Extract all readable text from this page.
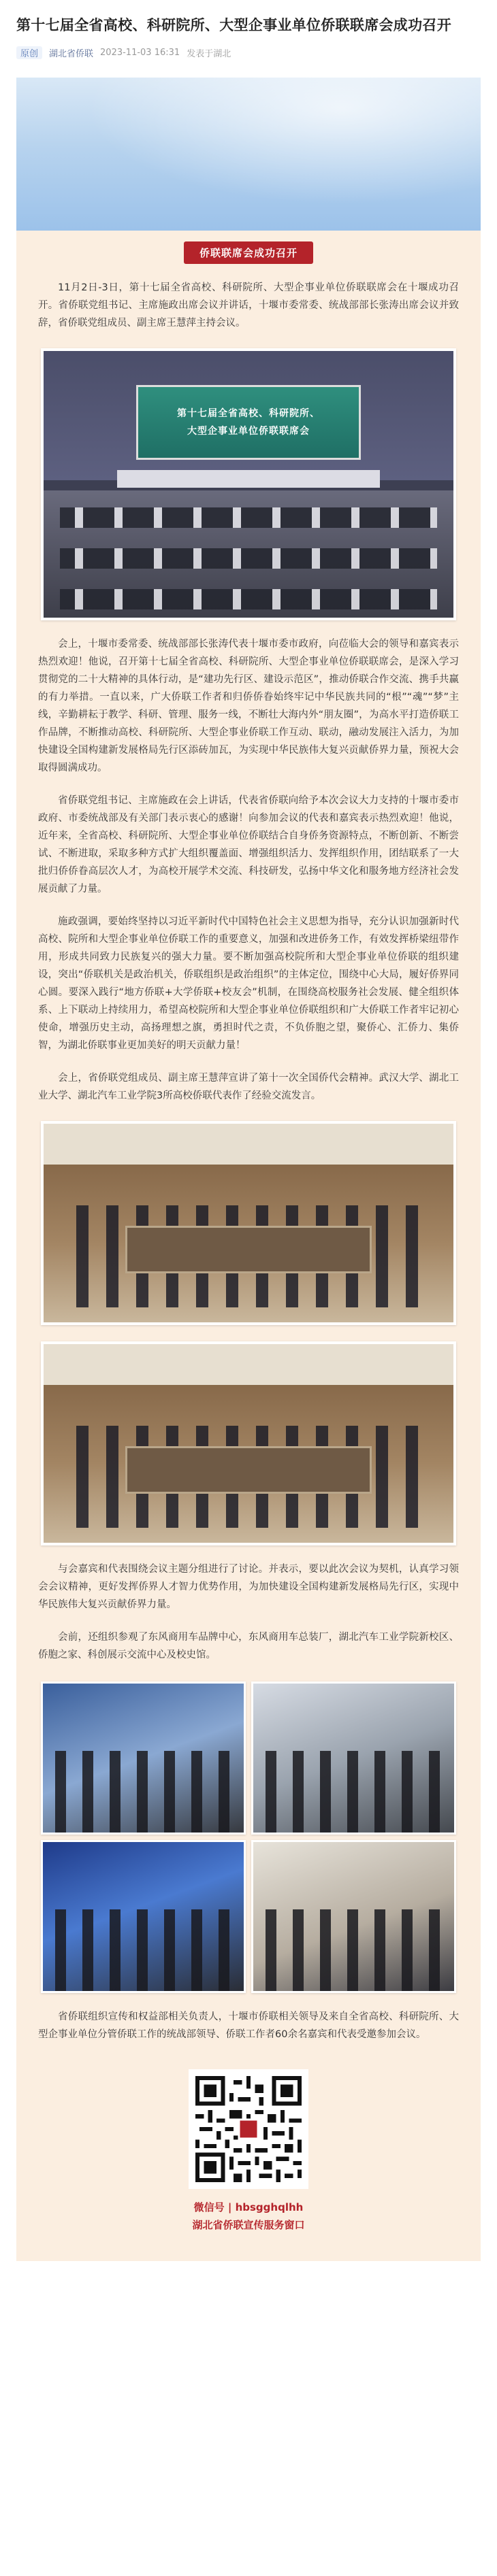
第十七届全省高校、科研院所、大型企事业单位侨联联席会成功召开
原创	湖北省侨联 2023-11-03 16:31 发表于湖北
侨联联席会成功召开

11月2日-3日，第十七届全省高校、科研院所、大型企事业单位侨联联席会在十堰成功召开。省侨联党组书记、主席施政出席会议并讲话，十堰市委常委、统战部部长张涛出席会议并致辞，省侨联党组成员、副主席王慧萍主持会议。

第十七届全省高校、科研院所、
大型企事业单位侨联联席会

会上，十堰市委常委、统战部部长张涛代表十堰市委市政府，向莅临大会的领导和嘉宾表示热烈欢迎！他说，召开第十七届全省高校、科研院所、大型企事业单位侨联联席会，是深入学习贯彻党的二十大精神的具体行动，是“建功先行区、建设示范区”，推动侨联合作交流、携手共赢的有力举措。一直以来，广大侨联工作者和归侨侨眷始终牢记中华民族共同的“根”“魂”“梦”主线，辛勤耕耘于教学、科研、管理、服务一线，不断壮大海内外“朋友圈”，为高水平打造侨联工作品牌，不断推动高校、科研院所、大型企事业侨联工作互动、联动，融动发展注入活力，为加快建设全国构建新发展格局先行区添砖加瓦，为实现中华民族伟大复兴贡献侨界力量，预祝大会取得圆满成功。

省侨联党组书记、主席施政在会上讲话，代表省侨联向给予本次会议大力支持的十堰市委市政府、市委统战部及有关部门表示衷心的感谢！向参加会议的代表和嘉宾表示热烈欢迎！他说，近年来，全省高校、科研院所、大型企事业单位侨联结合自身侨务资源特点，不断创新、不断尝试、不断进取，采取多种方式扩大组织覆盖面、增强组织活力、发挥组织作用，团结联系了一大批归侨侨眷高层次人才，为高校开展学术交流、科技研发，弘扬中华文化和服务地方经济社会发展贡献了力量。

施政强调，要始终坚持以习近平新时代中国特色社会主义思想为指导，充分认识加强新时代高校、院所和大型企事业单位侨联工作的重要意义，加强和改进侨务工作，有效发挥桥梁纽带作用，形成共同致力民族复兴的强大力量。要不断加强高校院所和大型企事业单位侨联的组织建设，突出“侨联机关是政治机关，侨联组织是政治组织”的主体定位，围绕中心大局，履好侨界同心圆。要深入践行“地方侨联+大学侨联+校友会”机制，在围绕高校服务社会发展、健全组织体系、上下联动上持续用力，希望高校院所和大型企事业单位侨联组织和广大侨联工作者牢记初心使命，增强历史主动，高扬理想之旗，勇担时代之责，不负侨胞之望，聚侨心、汇侨力、集侨智，为湖北侨联事业更加美好的明天贡献力量！

会上，省侨联党组成员、副主席王慧萍宣讲了第十一次全国侨代会精神。武汉大学、湖北工业大学、湖北汽车工业学院3所高校侨联代表作了经验交流发言。

与会嘉宾和代表围绕会议主题分组进行了讨论。并表示，要以此次会议为契机，认真学习领会会议精神，更好发挥侨界人才智力优势作用，为加快建设全国构建新发展格局先行区，实现中华民族伟大复兴贡献侨界力量。

会前，还组织参观了东风商用车品牌中心，东风商用车总装厂，湖北汽车工业学院新校区、侨胞之家、科创展示交流中心及校史馆。

省侨联组织宣传和权益部相关负责人，十堰市侨联相关领导及来自全省高校、科研院所、大型企事业单位分管侨联工作的统战部领导、侨联工作者60余名嘉宾和代表受邀参加会议。

微信号 | hbsgghqlhh
湖北省侨联宣传服务窗口
